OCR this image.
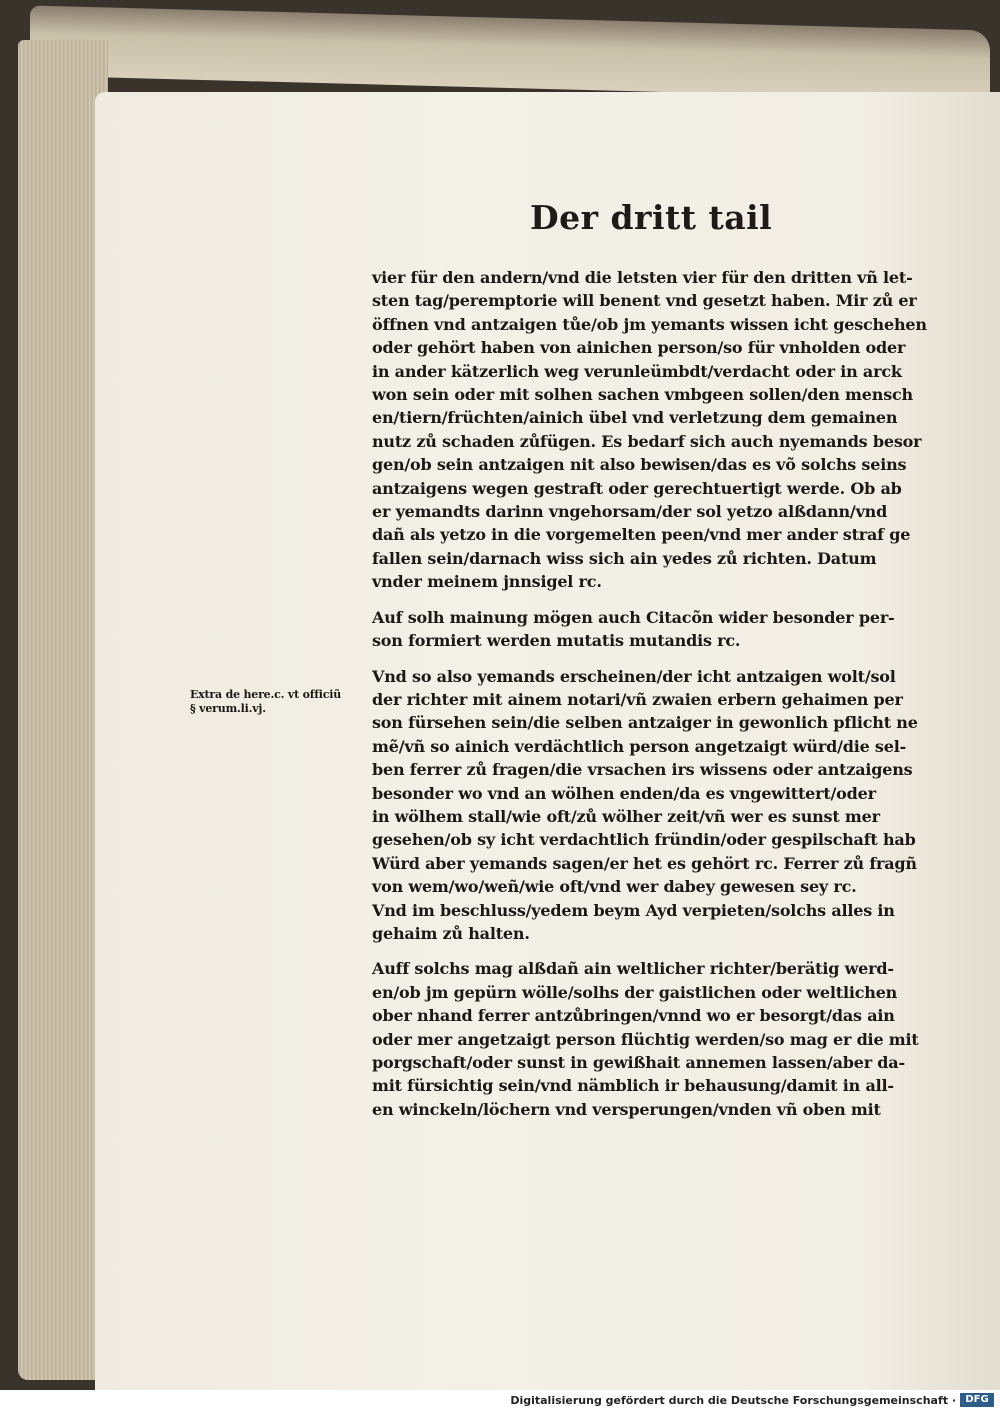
Der dritt tail
Extra de here.c. vt officiũ
§ verum.li.vj.
vier für den andern/vnd die letsten vier für den dritten vñ let-
sten tag/peremptorie will benent vnd gesetzt haben. Mir zů er
öffnen vnd antzaigen tůe/ob jm yemants wissen icht geschehen
oder gehört haben von ainichen person/so für vnholden oder
in ander kätzerlich weg verunleümbdt/verdacht oder in arck
won sein oder mit solhen sachen vmbgeen sollen/den mensch
en/tiern/früchten/ainich übel vnd verletzung dem gemainen
nutz zů schaden zůfügen. Es bedarf sich auch nyemands besor
gen/ob sein antzaigen nit also bewisen/das es võ solchs seins
antzaigens wegen gestraft oder gerechtuertigt werde. Ob ab
er yemandts darinn vngehorsam/der sol yetzo alßdann/vnd
dañ als yetzo in die vorgemelten peen/vnd mer ander straf ge
fallen sein/darnach wiss sich ain yedes zů richten. Datum
vnder meinem jnnsigel rc.
Auf solh mainung mögen auch Citacõn wider besonder per-
son formiert werden mutatis mutandis rc.
Vnd so also yemands erscheinen/der icht antzaigen wolt/sol
der richter mit ainem notari/vñ zwaien erbern gehaimen per
son fürsehen sein/die selben antzaiger in gewonlich pflicht ne
mẽ/vñ so ainich verdächtlich person angetzaigt würd/die sel-
ben ferrer zů fragen/die vrsachen irs wissens oder antzaigens
besonder wo vnd an wölhen enden/da es vngewittert/oder
in wölhem stall/wie oft/zů wölher zeit/vñ wer es sunst mer
gesehen/ob sy icht verdachtlich fründin/oder gespilschaft hab
Würd aber yemands sagen/er het es gehört rc. Ferrer zů fragñ
von wem/wo/weñ/wie oft/vnd wer dabey gewesen sey rc.
Vnd im beschluss/yedem beym Ayd verpieten/solchs alles in
gehaim zů halten.
Auff solchs mag alßdañ ain weltlicher richter/berätig werd-
en/ob jm gepürn wölle/solhs der gaistlichen oder weltlichen
ober nhand ferrer antzůbringen/vnnd wo er besorgt/das ain
oder mer angetzaigt person flüchtig werden/so mag er die mit
porgschaft/oder sunst in gewißhait annemen lassen/aber da-
mit fürsichtig sein/vnd nämblich ir behausung/damit in all-
en winckeln/löchern vnd versperungen/vnden vñ oben mit
Digitalisierung gefördert durch die Deutsche Forschungsgemeinschaft · DFG
